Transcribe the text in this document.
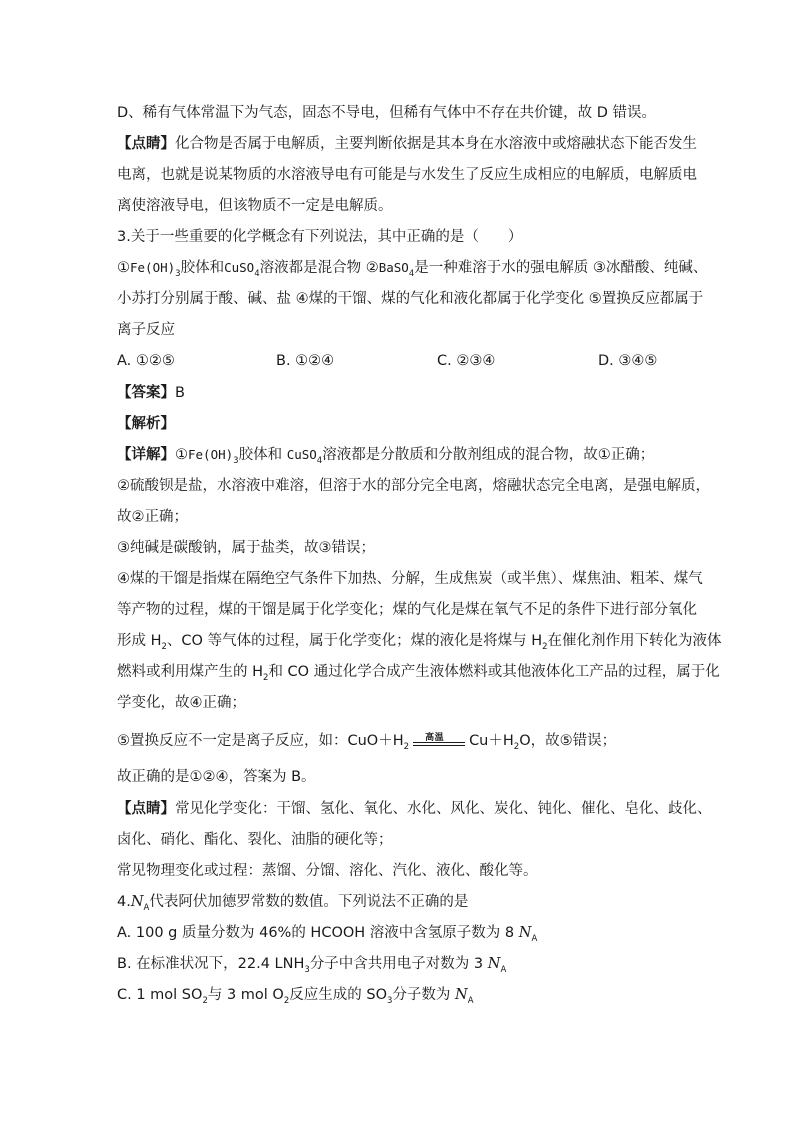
D、稀有气体常温下为气态，固态不导电，但稀有气体中不存在共价键，故 D 错误。
【点睛】化合物是否属于电解质，主要判断依据是其本身在水溶液中或熔融状态下能否发生
电离，也就是说某物质的水溶液导电有可能是与水发生了反应生成相应的电解质，电解质电
离使溶液导电，但该物质不一定是电解质。
3.关于一些重要的化学概念有下列说法，其中正确的是（　　）
$①Fe(OH)_3$胶体和CuSO$_4$溶液都是混合物 ②BaSO$_4$是一种难溶于水的强电解质 ③冰醋酸、纯碱、
小苏打分别属于酸、碱、盐 ④煤的干馏、煤的气化和液化都属于化学变化 ⑤置换反应都属于
离子反应
A. ①②⑤	B. ①②④	C. ②③④	D. ③④⑤
【答案】B
【解析】
【详解】$①Fe(OH)_3$胶体和 CuSO$_4$溶液都是分散质和分散剂组成的混合物，故①正确；
②硫酸钡是盐，水溶液中难溶，但溶于水的部分完全电离，熔融状态完全电离，是强电解质，
故②正确；
③纯碱是碳酸钠，属于盐类，故③错误；
④煤的干馏是指煤在隔绝空气条件下加热、分解，生成焦炭（或半焦）、煤焦油、粗苯、煤气
等产物的过程，煤的干馏是属于化学变化；煤的气化是煤在氧气不足的条件下进行部分氧化
形成 $H_2$、CO 等气体的过程，属于化学变化；煤的液化是将煤与 $H_2$在催化剂作用下转化为液体
燃料或利用煤产生的 $H_2$和 CO 通过化学合成产生液体燃料或其他液体化工产品的过程，属于化
学变化，故④正确；
⑤置换反应不一定是离子反应，如：$CuO+H_2$
高温 $Cu+H_2O$，故⑤错误；
故正确的是①②④，答案为 B。
【点睛】常见化学变化：干馏、氢化、氧化、水化、风化、炭化、钝化、催化、皂化、歧化、
卤化、硝化、酯化、裂化、油脂的硬化等；
常见物理变化或过程：蒸馏、分馏、溶化、汽化、液化、酸化等。
$4.N_A$代表阿伏加德罗常数的数值。下列说法不正确的是
A. 100 g 质量分数为 46%的 HCOOH 溶液中含氢原子数为 8 $N_A$
B. 在标准状况下，22.4 $LNH_3$分子中含共用电子对数为 3 $N_A$
C. 1 mol $SO_2$与 3 mol $O_2$反应生成的 $SO_3$分子数为 $N_A$
